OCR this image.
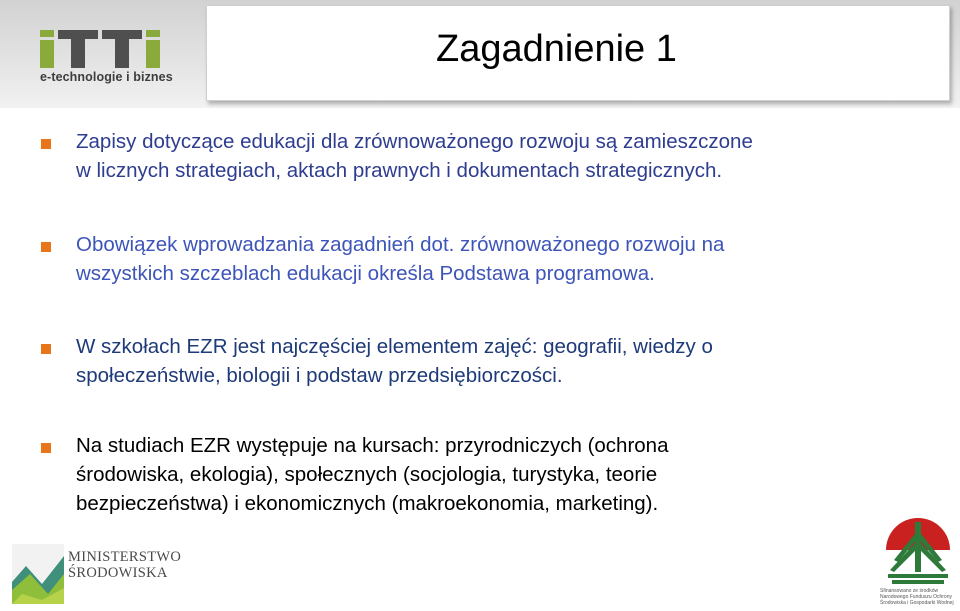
e-technologie i biznes
Zagadnienie 1
Zapisy dotyczące edukacji dla zrównoważonego rozwoju są zamieszczone
w licznych strategiach, aktach prawnych i dokumentach strategicznych.
Obowiązek wprowadzania zagadnień dot. zrównoważonego rozwoju na
wszystkich szczeblach edukacji określa Podstawa programowa.
W szkołach EZR jest najczęściej elementem zajęć: geografii, wiedzy o
społeczeństwie, biologii i podstaw przedsiębiorczości.
Na studiach EZR występuje na kursach: przyrodniczych (ochrona
środowiska, ekologia), społecznych (socjologia, turystyka, teorie
bezpieczeństwa) i ekonomicznych (makroekonomia, marketing).
MINISTERSTWO
ŚRODOWISKA
Sfinansowano ze środków
Narodowego Funduszu Ochrony
Środowiska i Gospodarki Wodnej
